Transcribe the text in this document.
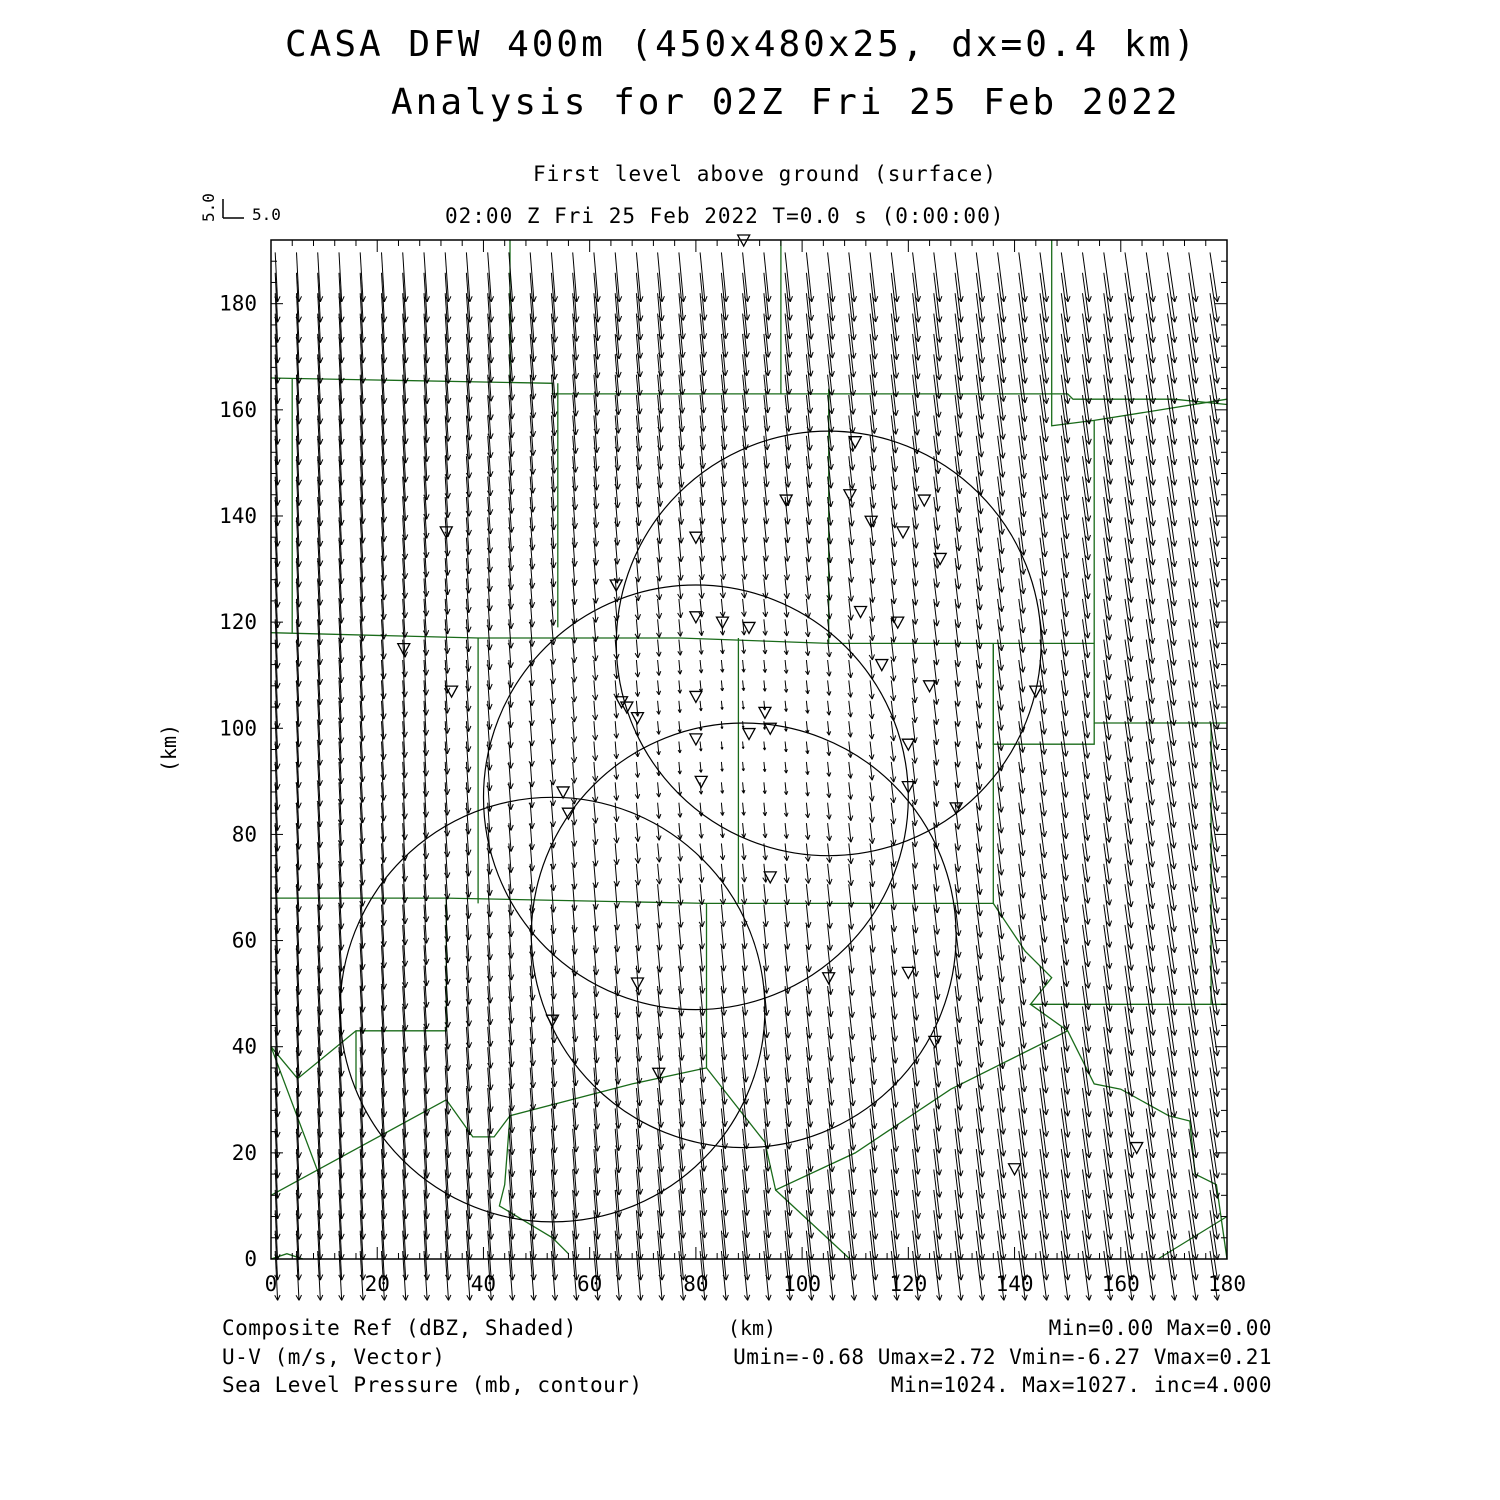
CASA DFW 400m (450x480x25, dx=0.4 km)
Analysis for 02Z Fri 25 Feb 2022
First level above ground (surface)
02:00 Z Fri 25 Feb 2022 T=0.0 s (0:00:00)
0	20	40	60	80	100	120	140	160	180
0
20
40
60
80
100
120
140
160
180
5.0
5.0
(km)
(km)
Composite Ref (dBZ, Shaded)	Min=0.00 Max=0.00
U-V (m/s, Vector)	Umin=-0.68 Umax=2.72 Vmin=-6.27 Vmax=0.21
Sea Level Pressure (mb, contour)	Min=1024. Max=1027. inc=4.000
